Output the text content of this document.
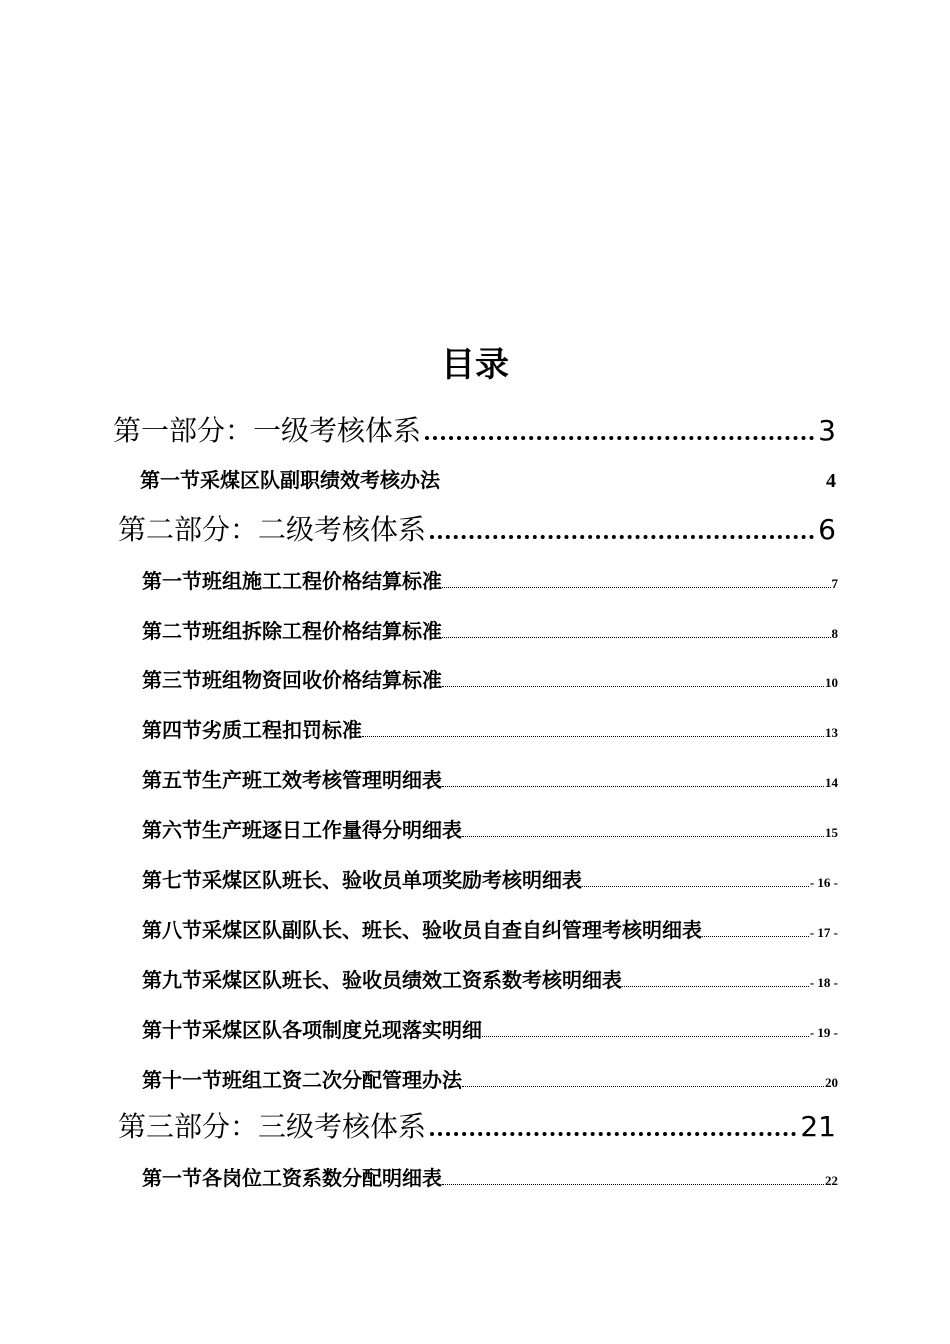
目录
第一部分：一级考核体系	3
第一节采煤区队副职绩效考核办法	4
第二部分：二级考核体系	6
第一节班组施工工程价格结算标准	7
第二节班组拆除工程价格结算标准	8
第三节班组物资回收价格结算标准	10
第四节劣质工程扣罚标准	13
第五节生产班工效考核管理明细表	14
第六节生产班逐日工作量得分明细表	15
第七节采煤区队班长、验收员单项奖励考核明细表	- 16 -
第八节采煤区队副队长、班长、验收员自查自纠管理考核明细表	- 17 -
第九节采煤区队班长、验收员绩效工资系数考核明细表	- 18 -
第十节采煤区队各项制度兑现落实明细	- 19 -
第十一节班组工资二次分配管理办法	20
第三部分：三级考核体系	21
第一节各岗位工资系数分配明细表	22
